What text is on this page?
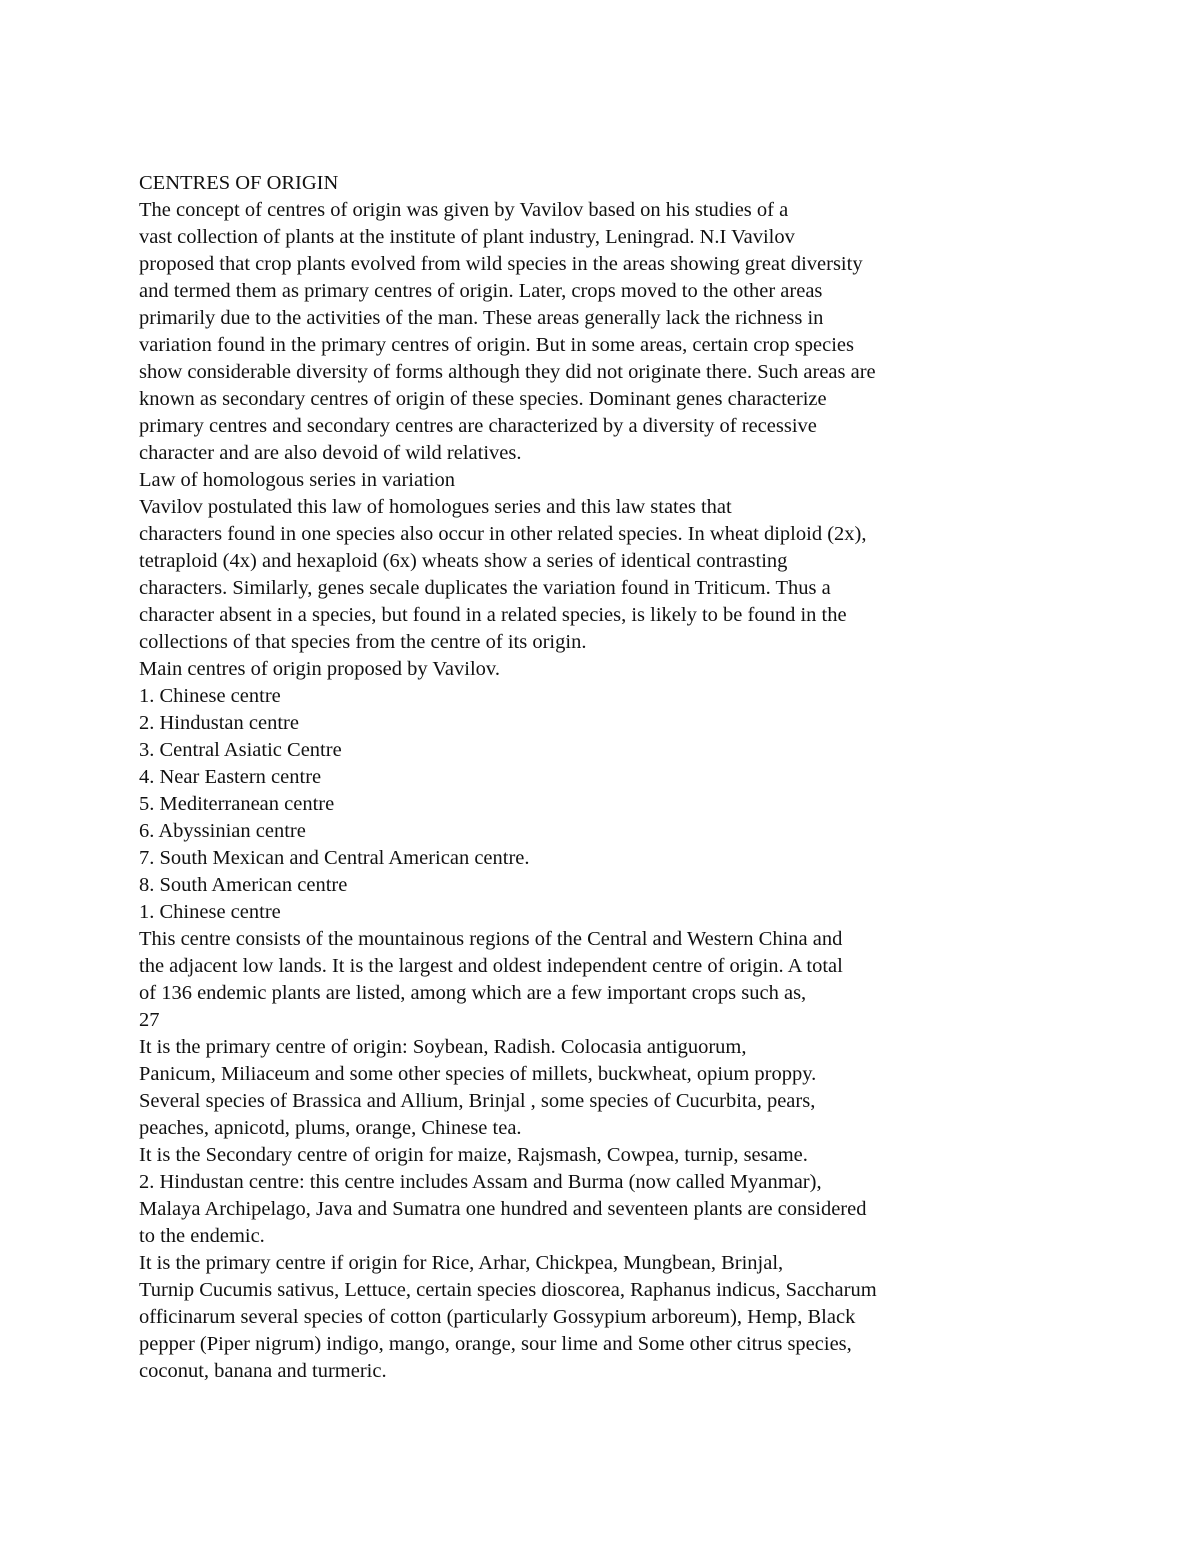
CENTRES OF ORIGIN
The concept of centres of origin was given by Vavilov based on his studies of a
vast collection of plants at the institute of plant industry, Leningrad. N.I Vavilov
proposed that crop plants evolved from wild species in the areas showing great diversity
and termed them as primary centres of origin. Later, crops moved to the other areas
primarily due to the activities of the man. These areas generally lack the richness in
variation found in the primary centres of origin. But in some areas, certain crop species
show considerable diversity of forms although they did not originate there. Such areas are
known as secondary centres of origin of these species. Dominant genes characterize
primary centres and secondary centres are characterized by a diversity of recessive
character and are also devoid of wild relatives.
Law of homologous series in variation
Vavilov postulated this law of homologues series and this law states that
characters found in one species also occur in other related species. In wheat diploid (2x),
tetraploid (4x) and hexaploid (6x) wheats show a series of identical contrasting
characters. Similarly, genes secale duplicates the variation found in Triticum. Thus a
character absent in a species, but found in a related species, is likely to be found in the
collections of that species from the centre of its origin.
Main centres of origin proposed by Vavilov.
1. Chinese centre
2. Hindustan centre
3. Central Asiatic Centre
4. Near Eastern centre
5. Mediterranean centre
6. Abyssinian centre
7. South Mexican and Central American centre.
8. South American centre
1. Chinese centre
This centre consists of the mountainous regions of the Central and Western China and
the adjacent low lands. It is the largest and oldest independent centre of origin. A total
of 136 endemic plants are listed, among which are a few important crops such as,
27
It is the primary centre of origin: Soybean, Radish. Colocasia antiguorum,
Panicum, Miliaceum and some other species of millets, buckwheat, opium proppy.
Several species of Brassica and Allium, Brinjal , some species of Cucurbita, pears,
peaches, apnicotd, plums, orange, Chinese tea.
It is the Secondary centre of origin for maize, Rajsmash, Cowpea, turnip, sesame.
2. Hindustan centre: this centre includes Assam and Burma (now called Myanmar),
Malaya Archipelago, Java and Sumatra one hundred and seventeen plants are considered
to the endemic.
It is the primary centre if origin for Rice, Arhar, Chickpea, Mungbean, Brinjal,
Turnip Cucumis sativus, Lettuce, certain species dioscorea, Raphanus indicus, Saccharum
officinarum several species of cotton (particularly Gossypium arboreum), Hemp, Black
pepper (Piper nigrum) indigo, mango, orange, sour lime and Some other citrus species,
coconut, banana and turmeric.
